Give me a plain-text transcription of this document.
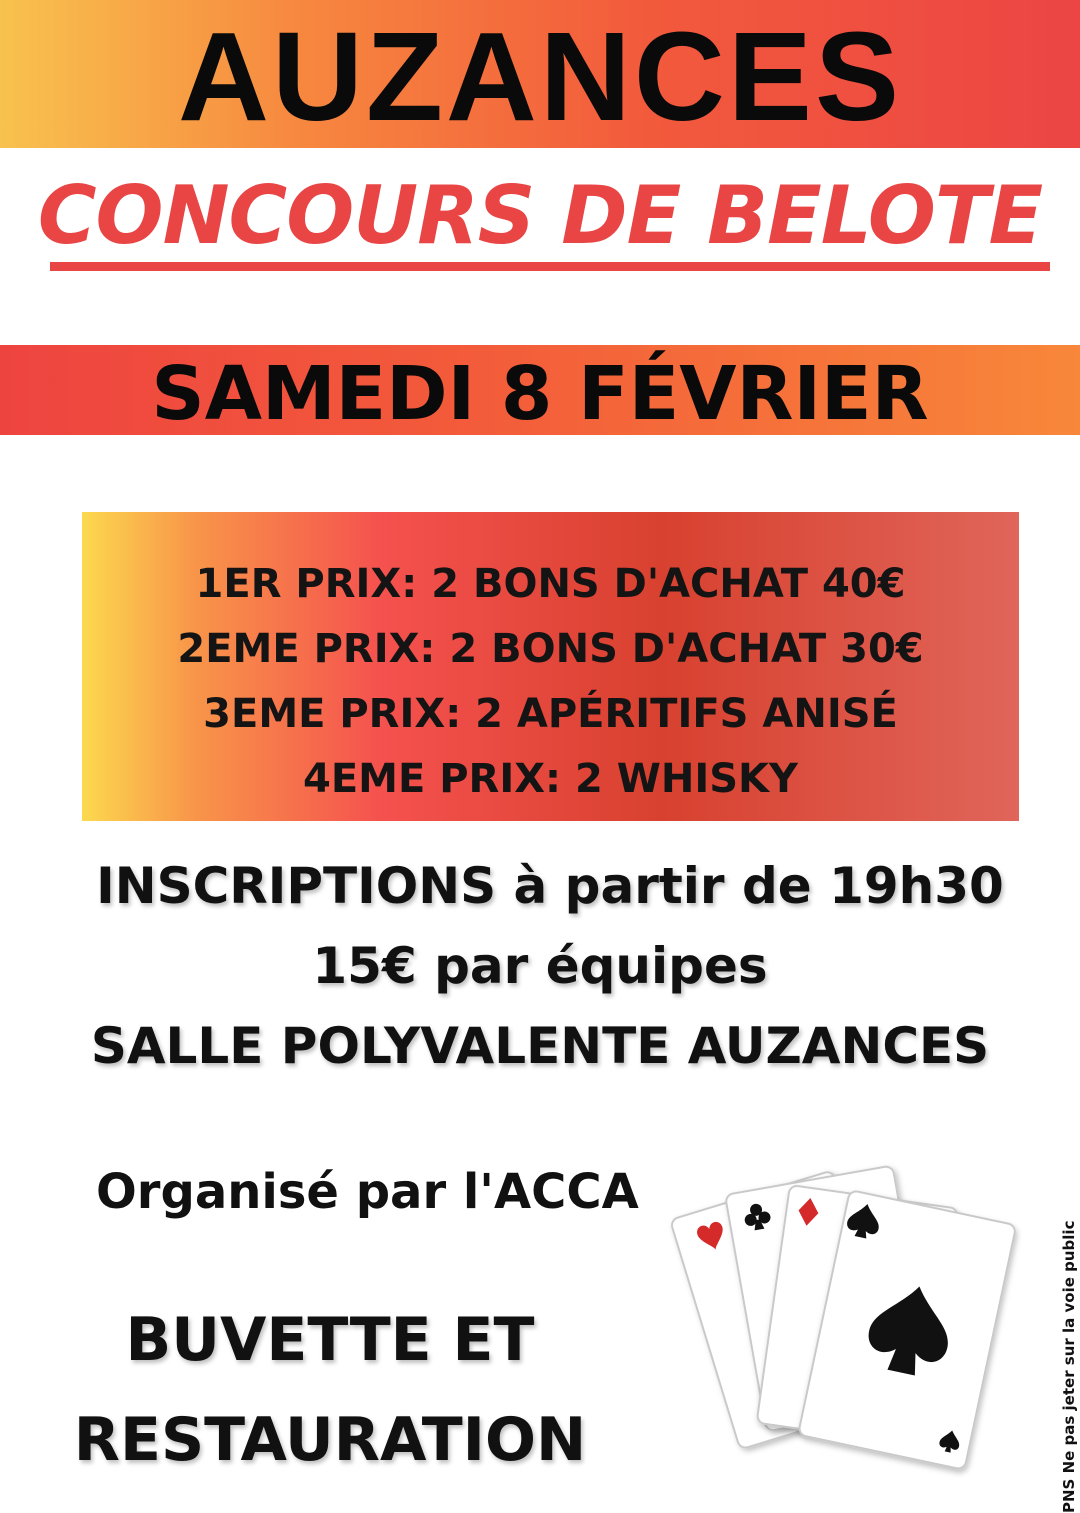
AUZANCES
CONCOURS DE BELOTE
SAMEDI 8 FÉVRIER
1ER PRIX: 2 BONS D'ACHAT 40€
2EME PRIX: 2 BONS D'ACHAT 30€
3EME PRIX: 2 APÉRITIFS ANISÉ
4EME PRIX: 2 WHISKY
INSCRIPTIONS à partir de 19h30
15€ par équipes
SALLE POLYVALENTE AUZANCES
Organisé par l'ACCA
BUVETTE ET
RESTAURATION	PNS Ne pas jeter sur la voie public
